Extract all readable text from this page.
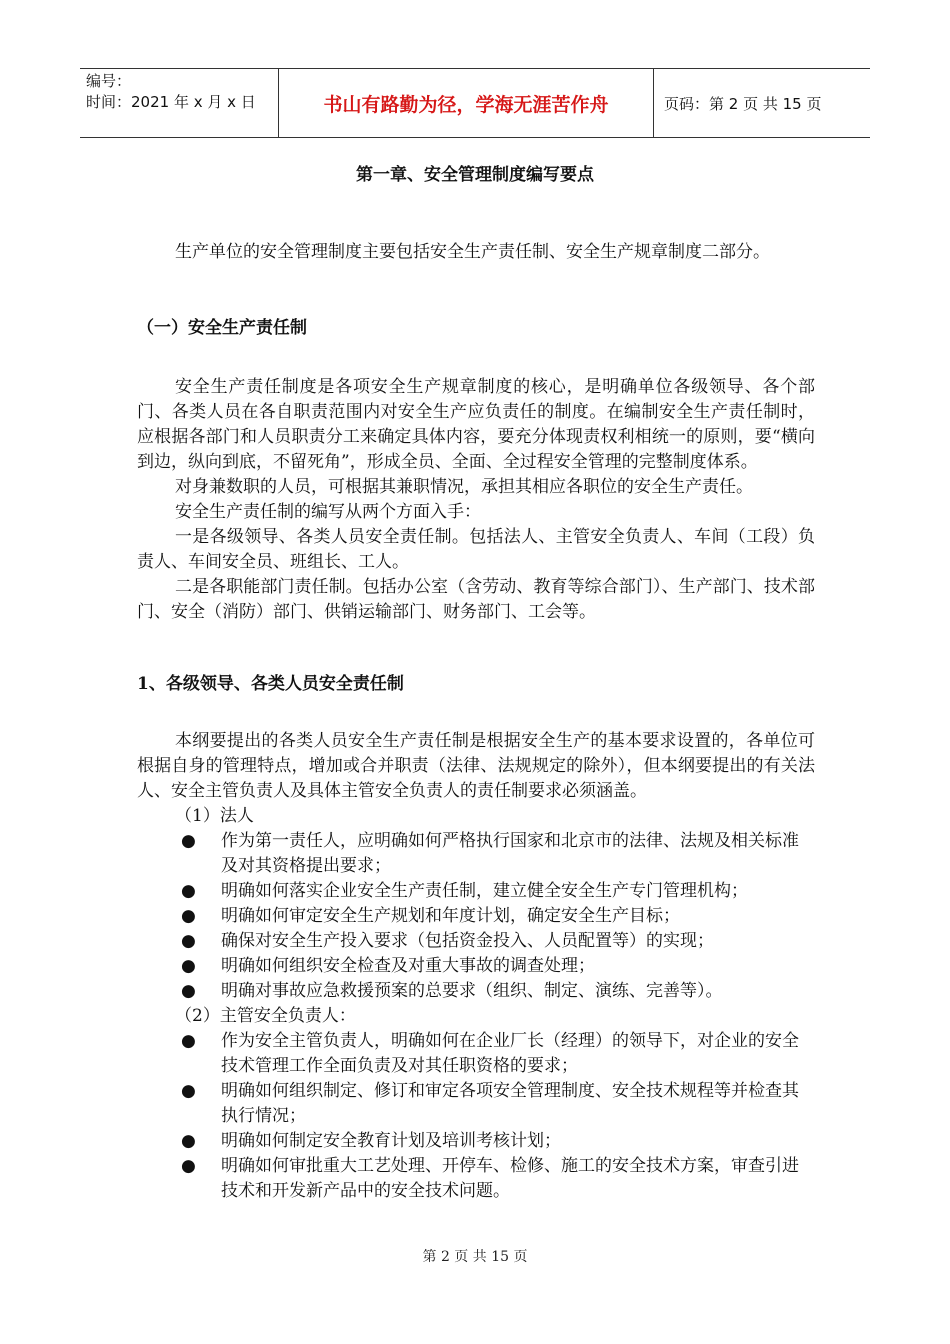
编号：
时间：2021 年 x 月 x 日	书山有路勤为径，学海无涯苦作舟	页码：第 2 页 共 15 页
第一章、安全管理制度编写要点

生产单位的安全管理制度主要包括安全生产责任制、安全生产规章制度二部分。

（一）安全生产责任制

安全生产责任制度是各项安全生产规章制度的核心，是明确单位各级领导、各个部门、各类人员在各自职责范围内对安全生产应负责任的制度。在编制安全生产责任制时，应根据各部门和人员职责分工来确定具体内容，要充分体现责权利相统一的原则，要“横向到边，纵向到底，不留死角”，形成全员、全面、全过程安全管理的完整制度体系。

对身兼数职的人员，可根据其兼职情况，承担其相应各职位的安全生产责任。

安全生产责任制的编写从两个方面入手：

一是各级领导、各类人员安全责任制。包括法人、主管安全负责人、车间（工段）负责人、车间安全员、班组长、工人。

二是各职能部门责任制。包括办公室（含劳动、教育等综合部门）、生产部门、技术部门、安全（消防）部门、供销运输部门、财务部门、工会等。

1、各级领导、各类人员安全责任制

本纲要提出的各类人员安全生产责任制是根据安全生产的基本要求设置的，各单位可根据自身的管理特点，增加或合并职责（法律、法规规定的除外），但本纲要提出的有关法人、安全主管负责人及具体主管安全负责人的责任制要求必须涵盖。

（1）法人

● 作为第一责任人，应明确如何严格执行国家和北京市的法律、法规及相关标准及对其资格提出要求；
● 明确如何落实企业安全生产责任制，建立健全安全生产专门管理机构；
● 明确如何审定安全生产规划和年度计划，确定安全生产目标；
● 确保对安全生产投入要求（包括资金投入、人员配置等）的实现；
● 明确如何组织安全检查及对重大事故的调查处理；
● 明确对事故应急救援预案的总要求（组织、制定、演练、完善等）。

（2）主管安全负责人：

● 作为安全主管负责人，明确如何在企业厂长（经理）的领导下，对企业的安全技术管理工作全面负责及对其任职资格的要求；
● 明确如何组织制定、修订和审定各项安全管理制度、安全技术规程等并检查其执行情况；
● 明确如何制定安全教育计划及培训考核计划；
● 明确如何审批重大工艺处理、开停车、检修、施工的安全技术方案，审查引进技术和开发新产品中的安全技术问题。
第 2 页 共 15 页
